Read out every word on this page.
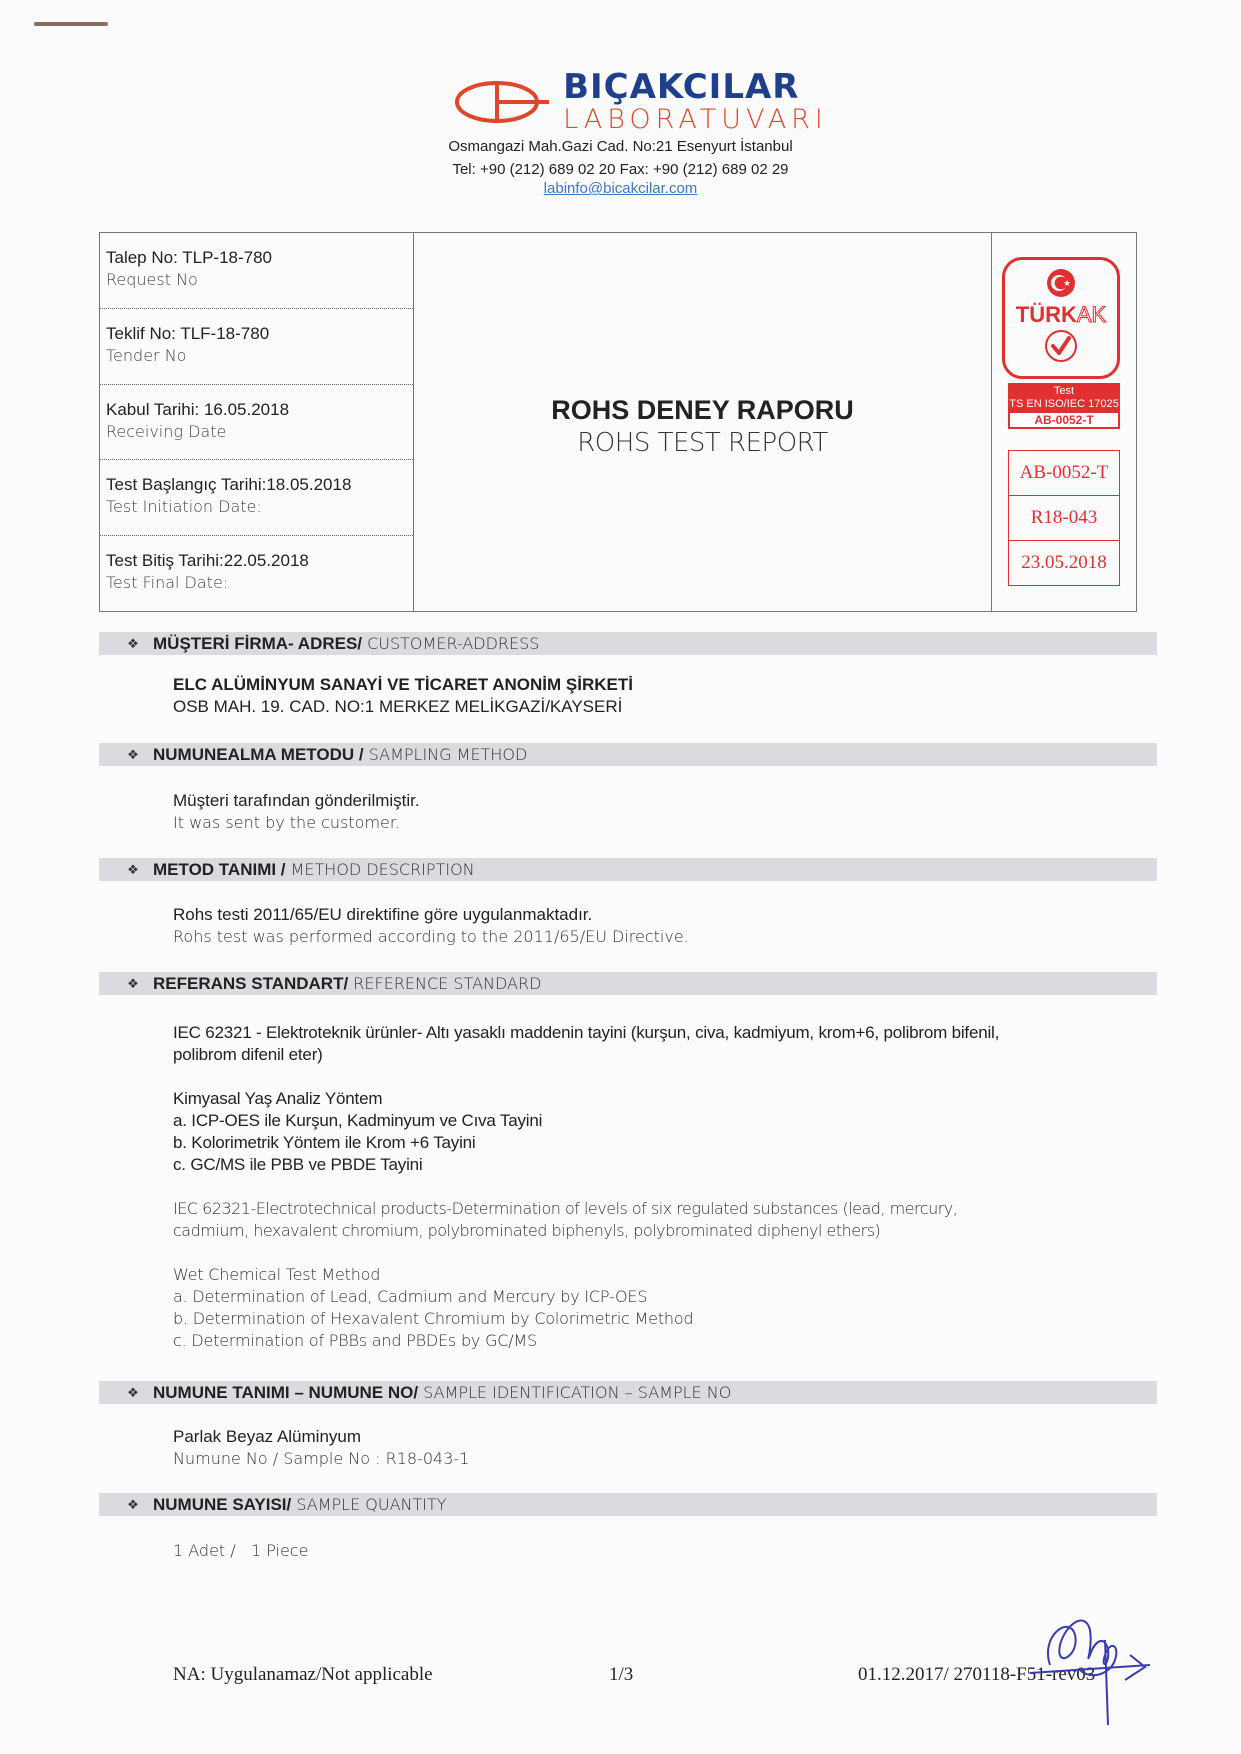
BIÇAKCILAR
LABORATUVARI
Osmangazi Mah.Gazi Cad. No:21 Esenyurt İstanbul
Tel: +90 (212) 689 02 20 Fax: +90 (212) 689 02 29
labinfo@bicakcilar.com
Talep No: TLP-18-780
Request No
Teklif No: TLF-18-780
Tender No
Kabul Tarihi: 16.05.2018
Receiving Date
Test Başlangıç Tarihi:18.05.2018
Test Initiation Date:
Test Bitiş Tarihi:22.05.2018
Test Final Date:
ROHS DENEY RAPORU
ROHS TEST REPORT
TÜRKAK
Test
TS EN ISO/IEC 17025
AB-0052-T
AB-0052-T
R18-043
23.05.2018
❖ MÜŞTERİ FİRMA- ADRES/ CUSTOMER-ADDRESS

ELC ALÜMİNYUM SANAYİ VE TİCARET ANONİM ŞİRKETİ

OSB MAH. 19. CAD. NO:1 MERKEZ MELİKGAZİ/KAYSERİ

❖ NUMUNEALMA METODU / SAMPLING METHOD

Müşteri tarafından gönderilmiştir.

It was sent by the customer.

❖ METOD TANIMI / METHOD DESCRIPTION

Rohs testi 2011/65/EU direktifine göre uygulanmaktadır.

Rohs test was performed according to the 2011/65/EU Directive.

❖ REFERANS STANDART/ REFERENCE STANDARD

IEC 62321 - Elektroteknik ürünler- Altı yasaklı maddenin tayini (kurşun, civa, kadmiyum, krom+6, polibrom bifenil,

polibrom difenil eter)

Kimyasal Yaş Analiz Yöntem

a. ICP-OES ile Kurşun, Kadminyum ve Cıva Tayini

b. Kolorimetrik Yöntem ile Krom +6 Tayini

c. GC/MS ile PBB ve PBDE Tayini

IEC 62321-Electrotechnical products-Determination of levels of six regulated substances (lead, mercury,

cadmium, hexavalent chromium, polybrominated biphenyls, polybrominated diphenyl ethers)

Wet Chemical Test Method

a. Determination of Lead, Cadmium and Mercury by ICP-OES

b. Determination of Hexavalent Chromium by Colorimetric Method

c. Determination of PBBs and PBDEs by GC/MS

❖ NUMUNE TANIMI – NUMUNE NO/ SAMPLE IDENTIFICATION – SAMPLE NO

Parlak Beyaz Alüminyum

Numune No / Sample No : R18-043-1

❖ NUMUNE SAYISI/ SAMPLE QUANTITY
1 Adet /   1 Piece
NA: Uygulanamaz/Not applicable	1/3	01.12.2017/ 270118-F51-rev03
